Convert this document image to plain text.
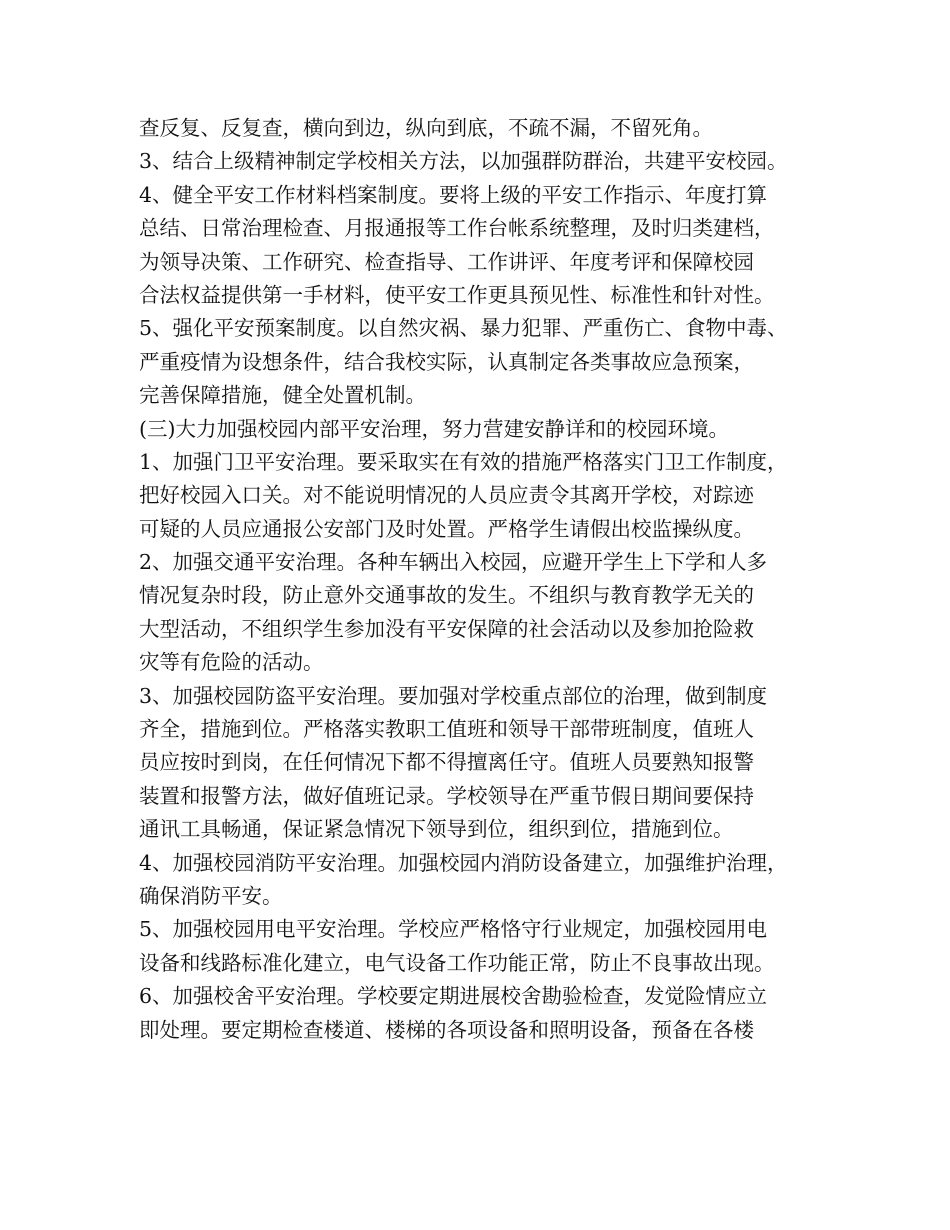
查反复、反复查，横向到边，纵向到底，不疏不漏，不留死角。
3、结合上级精神制定学校相关方法，以加强群防群治，共建平安校园。
4、健全平安工作材料档案制度。要将上级的平安工作指示、年度打算
总结、日常治理检查、月报通报等工作台帐系统整理，及时归类建档，
为领导决策、工作研究、检查指导、工作讲评、年度考评和保障校园
合法权益提供第一手材料，使平安工作更具预见性、标准性和针对性。
5、强化平安预案制度。以自然灾祸、暴力犯罪、严重伤亡、食物中毒、
严重疫情为设想条件，结合我校实际，认真制定各类事故应急预案，
完善保障措施，健全处置机制。
(三)大力加强校园内部平安治理，努力营建安静详和的校园环境。
1、加强门卫平安治理。要采取实在有效的措施严格落实门卫工作制度，
把好校园入口关。对不能说明情况的人员应责令其离开学校，对踪迹
可疑的人员应通报公安部门及时处置。严格学生请假出校监操纵度。
2、加强交通平安治理。各种车辆出入校园，应避开学生上下学和人多
情况复杂时段，防止意外交通事故的发生。不组织与教育教学无关的
大型活动，不组织学生参加没有平安保障的社会活动以及参加抢险救
灾等有危险的活动。
3、加强校园防盗平安治理。要加强对学校重点部位的治理，做到制度
齐全，措施到位。严格落实教职工值班和领导干部带班制度，值班人
员应按时到岗，在任何情况下都不得擅离任守。值班人员要熟知报警
装置和报警方法，做好值班记录。学校领导在严重节假日期间要保持
通讯工具畅通，保证紧急情况下领导到位，组织到位，措施到位。
4、加强校园消防平安治理。加强校园内消防设备建立，加强维护治理，
确保消防平安。
5、加强校园用电平安治理。学校应严格恪守行业规定，加强校园用电
设备和线路标准化建立，电气设备工作功能正常，防止不良事故出现。
6、加强校舍平安治理。学校要定期进展校舍勘验检查，发觉险情应立
即处理。要定期检查楼道、楼梯的各项设备和照明设备，预备在各楼
